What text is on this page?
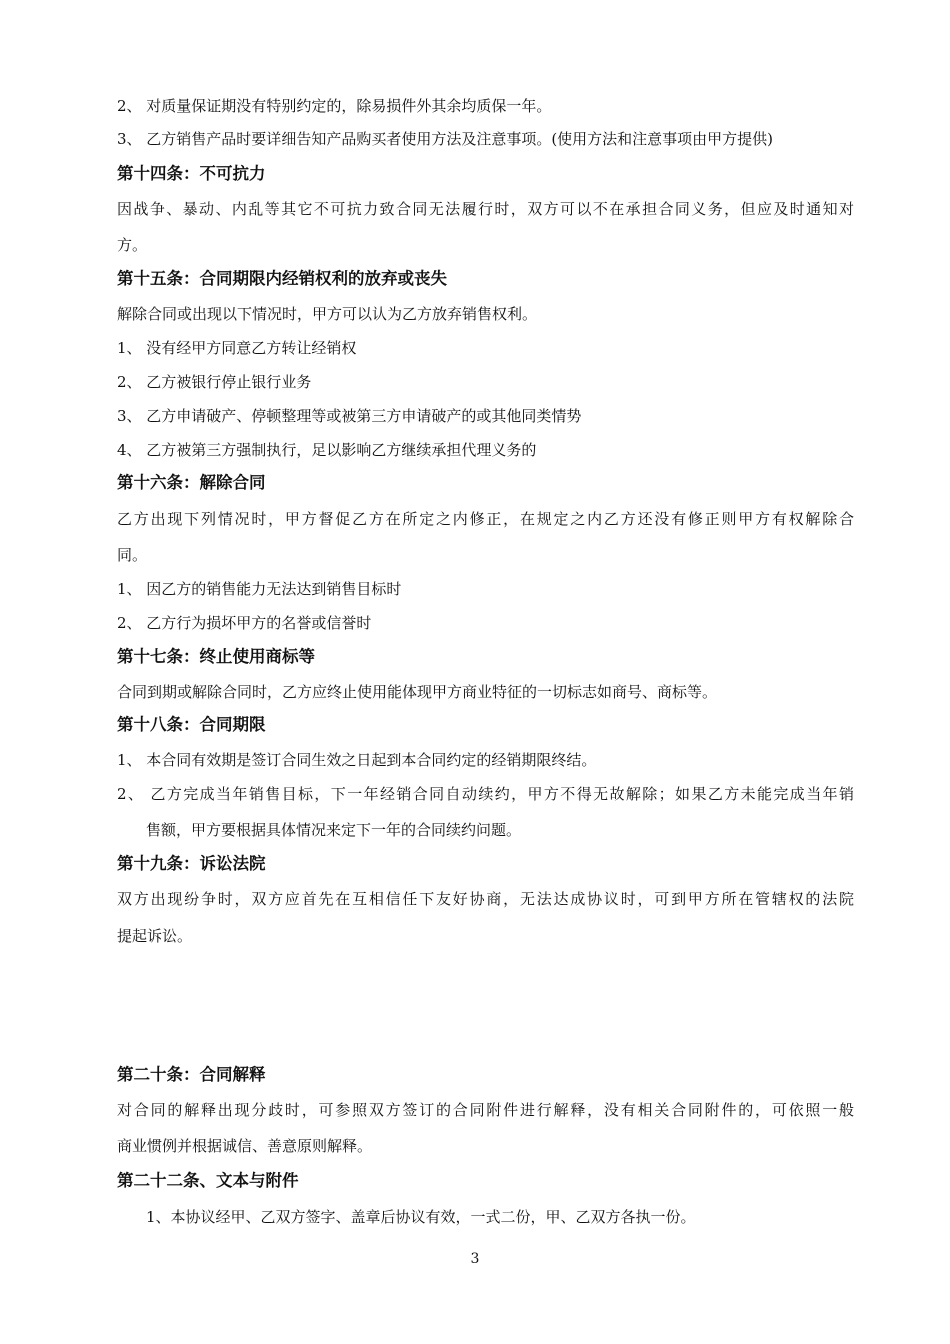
2、 对质量保证期没有特别约定的，除易损件外其余均质保一年。
3、 乙方销售产品时要详细告知产品购买者使用方法及注意事项。(使用方法和注意事项由甲方提供)
第十四条：不可抗力
因战争、暴动、内乱等其它不可抗力致合同无法履行时，双方可以不在承担合同义务，但应及时通知对
方。
第十五条：合同期限内经销权利的放弃或丧失
解除合同或出现以下情况时，甲方可以认为乙方放弃销售权利。
1、 没有经甲方同意乙方转让经销权
2、 乙方被银行停止银行业务
3、 乙方申请破产、停顿整理等或被第三方申请破产的或其他同类情势
4、 乙方被第三方强制执行，足以影响乙方继续承担代理义务的
第十六条：解除合同
乙方出现下列情况时，甲方督促乙方在所定之内修正，在规定之内乙方还没有修正则甲方有权解除合
同。
1、 因乙方的销售能力无法达到销售目标时
2、 乙方行为损坏甲方的名誉或信誉时
第十七条：终止使用商标等
合同到期或解除合同时，乙方应终止使用能体现甲方商业特征的一切标志如商号、商标等。
第十八条：合同期限
1、 本合同有效期是签订合同生效之日起到本合同约定的经销期限终结。
2、 乙方完成当年销售目标，下一年经销合同自动续约，甲方不得无故解除；如果乙方未能完成当年销
售额，甲方要根据具体情况来定下一年的合同续约问题。
第十九条：诉讼法院
双方出现纷争时，双方应首先在互相信任下友好协商，无法达成协议时，可到甲方所在管辖权的法院
提起诉讼。
第二十条：合同解释
对合同的解释出现分歧时，可参照双方签订的合同附件进行解释，没有相关合同附件的，可依照一般
商业惯例并根据诚信、善意原则解释。
第二十二条、文本与附件
1、本协议经甲、乙双方签字、盖章后协议有效，一式二份，甲、乙双方各执一份。
3
